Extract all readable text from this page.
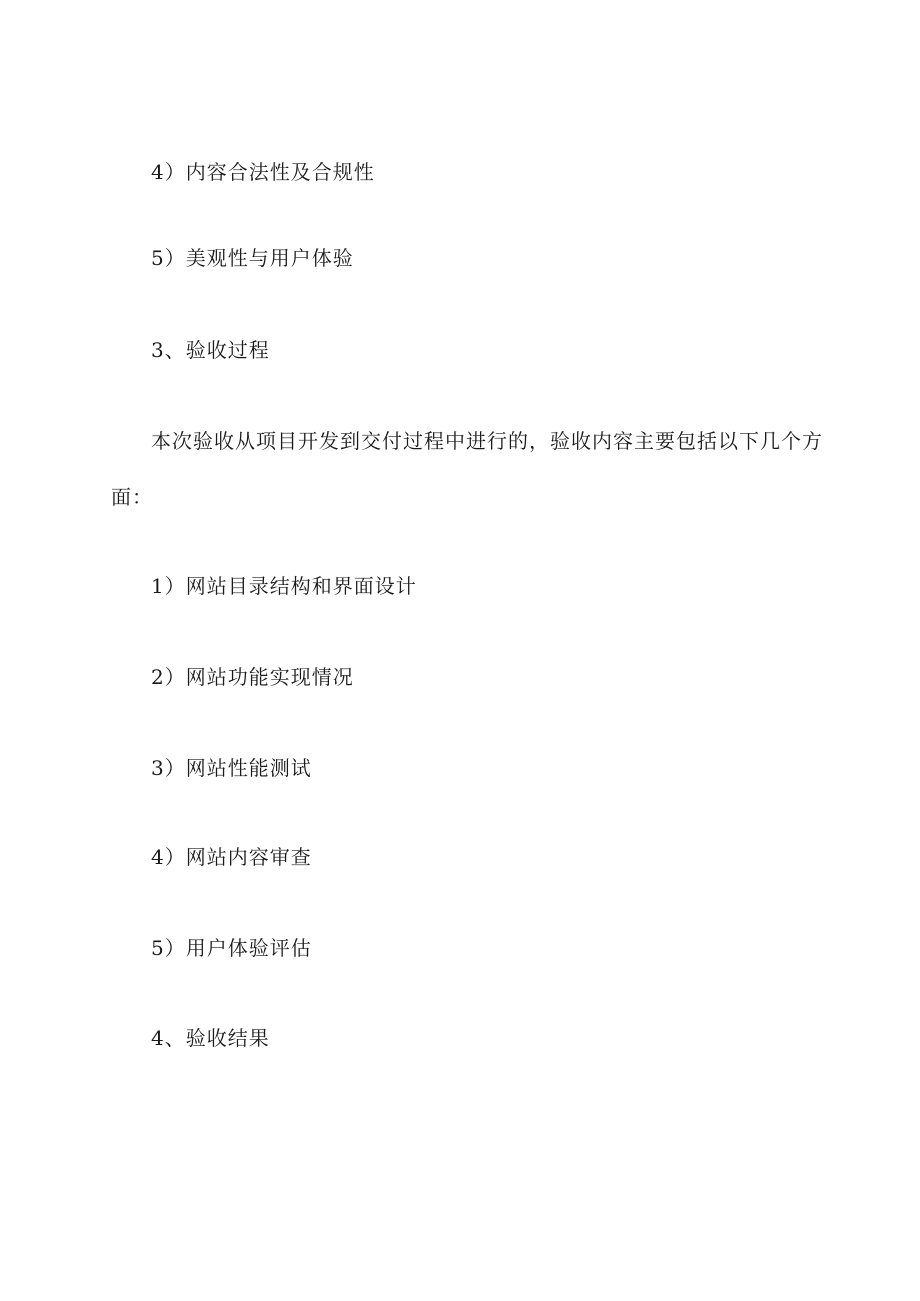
4）内容合法性及合规性
5）美观性与用户体验
3、验收过程
本次验收从项目开发到交付过程中进行的，验收内容主要包括以下几个方
面：
1）网站目录结构和界面设计
2）网站功能实现情况
3）网站性能测试
4）网站内容审查
5）用户体验评估
4、验收结果
